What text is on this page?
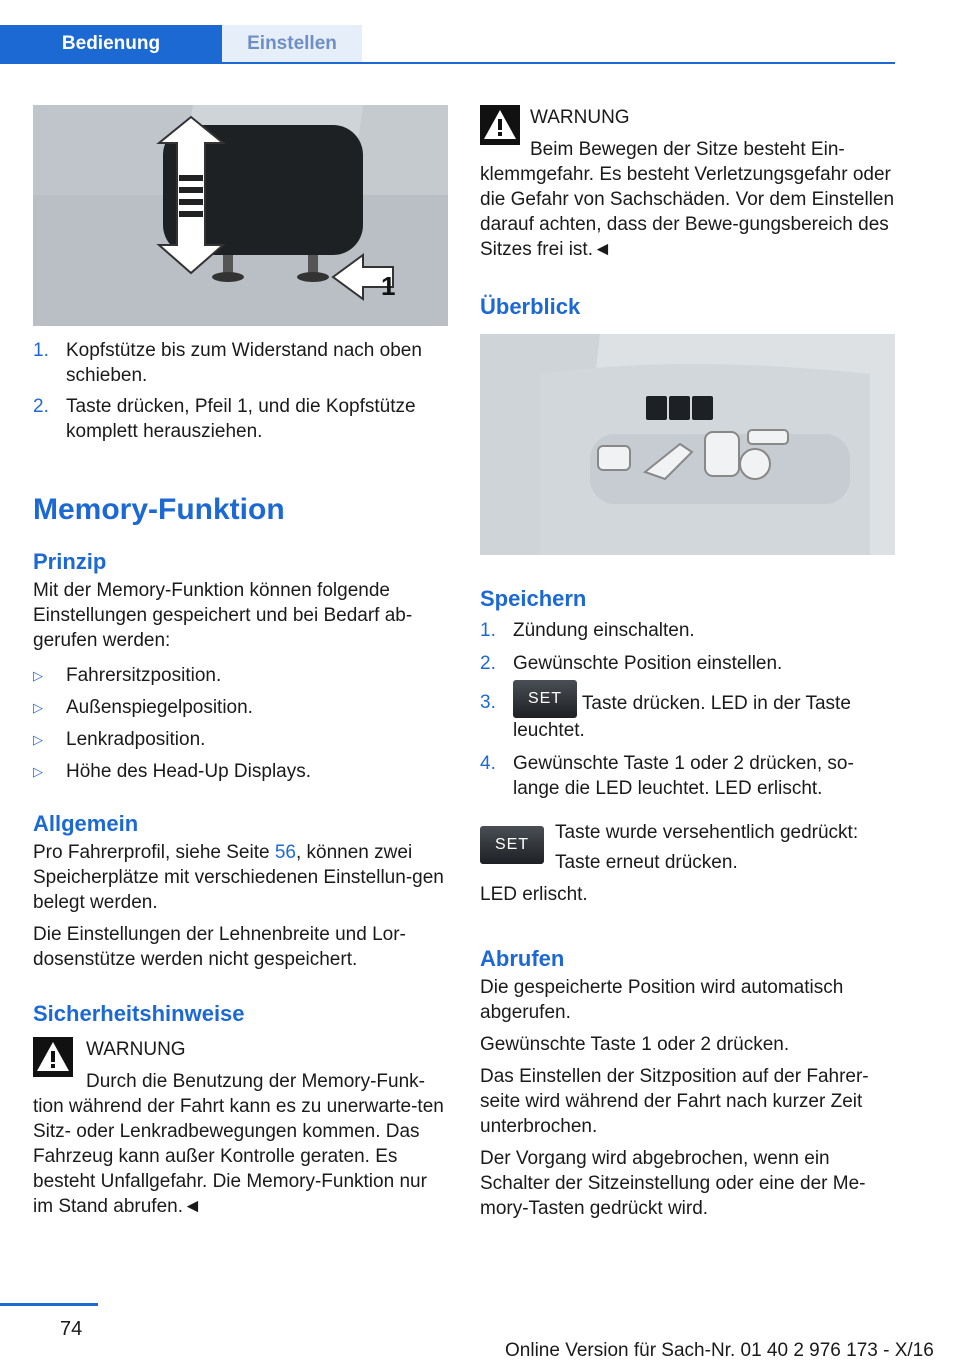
Bedienung	Einstellen
1
1. Kopfstütze bis zum Widerstand nach oben schieben.
2. Taste drücken, Pfeil 1, und die Kopfstütze komplett herausziehen.
Memory-Funktion
Prinzip

Mit der Memory-Funktion können folgende Einstellungen gespeichert und bei Bedarf ab-gerufen werden:

▷ Fahrersitzposition.
▷ Außenspiegelposition.
▷ Lenkradposition.
▷ Höhe des Head-Up Displays.
Allgemein

Pro Fahrerprofil, siehe Seite 56, können zwei Speicherplätze mit verschiedenen Einstellun-gen belegt werden.

Die Einstellungen der Lehnenbreite und Lor-dosenstütze werden nicht gespeichert.

Sicherheitshinweise

WARNUNG

Durch die Benutzung der Memory-Funk-tion während der Fahrt kann es zu unerwarte-ten Sitz- oder Lenkradbewegungen kommen. Das Fahrzeug kann außer Kontrolle geraten. Es besteht Unfallgefahr. Die Memory-Funktion nur im Stand abrufen.◄

WARNUNG

Beim Bewegen der Sitze besteht Ein-klemmgefahr. Es besteht Verletzungsgefahr oder die Gefahr von Sachschäden. Vor dem Einstellen darauf achten, dass der Bewe-gungsbereich des Sitzes frei ist.◄

Überblick
Speichern
1. Zündung einschalten.
2. Gewünschte Position einstellen.
3. SET Taste drücken. LED in der Taste leuchtet.
4. Gewünschte Taste 1 oder 2 drücken, so-lange die LED leuchtet. LED erlischt.
SET

Taste wurde versehentlich gedrückt:

Taste erneut drücken.

LED erlischt.

Abrufen

Die gespeicherte Position wird automatisch abgerufen.

Gewünschte Taste 1 oder 2 drücken.

Das Einstellen der Sitzposition auf der Fahrer-seite wird während der Fahrt nach kurzer Zeit unterbrochen.

Der Vorgang wird abgebrochen, wenn ein Schalter der Sitzeinstellung oder eine der Me-mory-Tasten gedrückt wird.

74
Online Version für Sach-Nr. 01 40 2 976 173 - X/16
